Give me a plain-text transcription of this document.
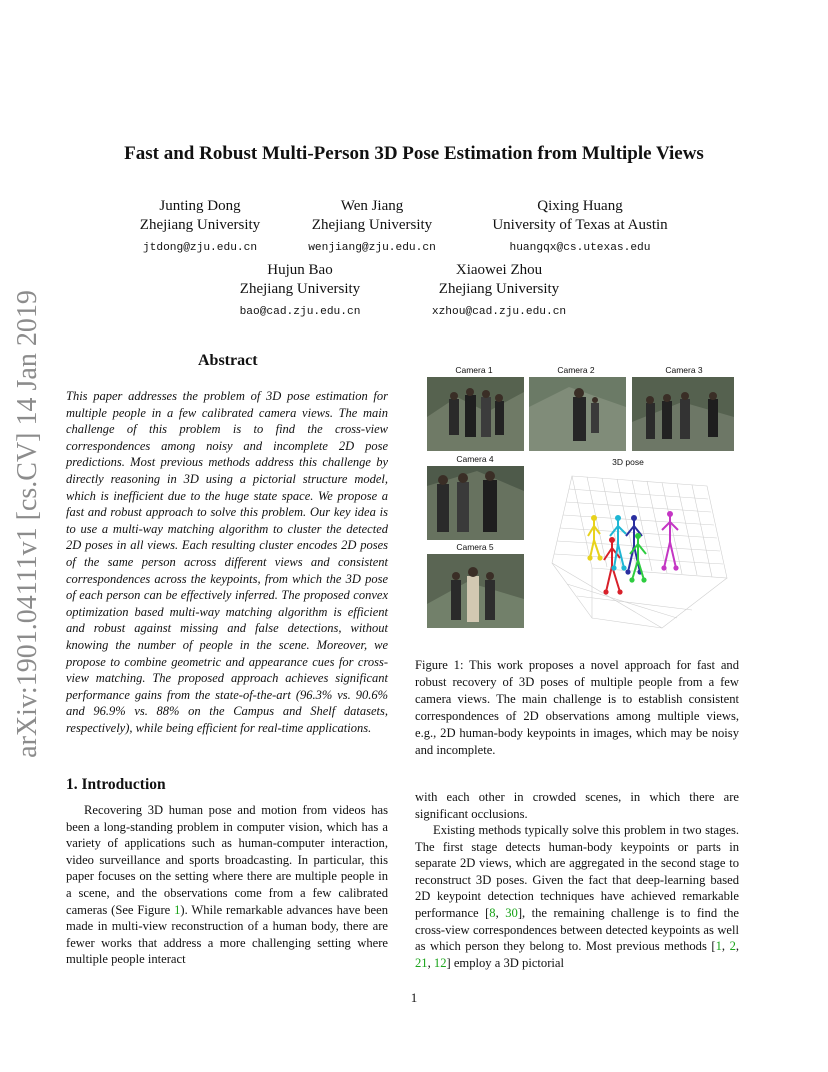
arXiv:1901.04111v1 [cs.CV] 14 Jan 2019
Fast and Robust Multi-Person 3D Pose Estimation from Multiple Views
Junting Dong
Zhejiang University
jtdong@zju.edu.cn
Wen Jiang
Zhejiang University
wenjiang@zju.edu.cn
Qixing Huang
University of Texas at Austin
huangqx@cs.utexas.edu
Hujun Bao
Zhejiang University
bao@cad.zju.edu.cn
Xiaowei Zhou
Zhejiang University
xzhou@cad.zju.edu.cn
Abstract
This paper addresses the problem of 3D pose estimation for multiple people in a few calibrated camera views. The main challenge of this problem is to find the cross-view correspondences among noisy and incomplete 2D pose predictions. Most previous methods address this challenge by directly reasoning in 3D using a pictorial structure model, which is inefficient due to the huge state space. We propose a fast and robust approach to solve this problem. Our key idea is to use a multi-way matching algorithm to cluster the detected 2D poses in all views. Each resulting cluster encodes 2D poses of the same person across different views and consistent correspondences across the keypoints, from which the 3D pose of each person can be effectively inferred. The proposed convex optimization based multi-way matching algorithm is efficient and robust against missing and false detections, without knowing the number of people in the scene. Moreover, we propose to combine geometric and appearance cues for cross-view matching. The proposed approach achieves significant performance gains from the state-of-the-art (96.3% vs. 90.6% and 96.9% vs. 88% on the Campus and Shelf datasets, respectively), while being efficient for real-time applications.
Camera 1	Camera 2	Camera 3
Camera 4
Camera 5
3D pose
Figure 1: This work proposes a novel approach for fast and robust recovery of 3D poses of multiple people from a few camera views. The main challenge is to establish consistent correspondences of 2D observations among multiple views, e.g., 2D human-body keypoints in images, which may be noisy and incomplete.
1. Introduction
Recovering 3D human pose and motion from videos has been a long-standing problem in computer vision, which has a variety of applications such as human-computer interaction, video surveillance and sports broadcasting. In particular, this paper focuses on the setting where there are multiple people in a scene, and the observations come from a few calibrated cameras (See Figure 1). While remarkable advances have been made in multi-view reconstruction of a human body, there are fewer works that address a more challenging setting where multiple people interact
with each other in crowded scenes, in which there are significant occlusions.
Existing methods typically solve this problem in two stages. The first stage detects human-body keypoints or parts in separate 2D views, which are aggregated in the second stage to reconstruct 3D poses. Given the fact that deep-learning based 2D keypoint detection techniques have achieved remarkable performance [8, 30], the remaining challenge is to find the cross-view correspondences between detected keypoints as well as which person they belong to. Most previous methods [1, 2, 21, 12] employ a 3D pictorial
1
